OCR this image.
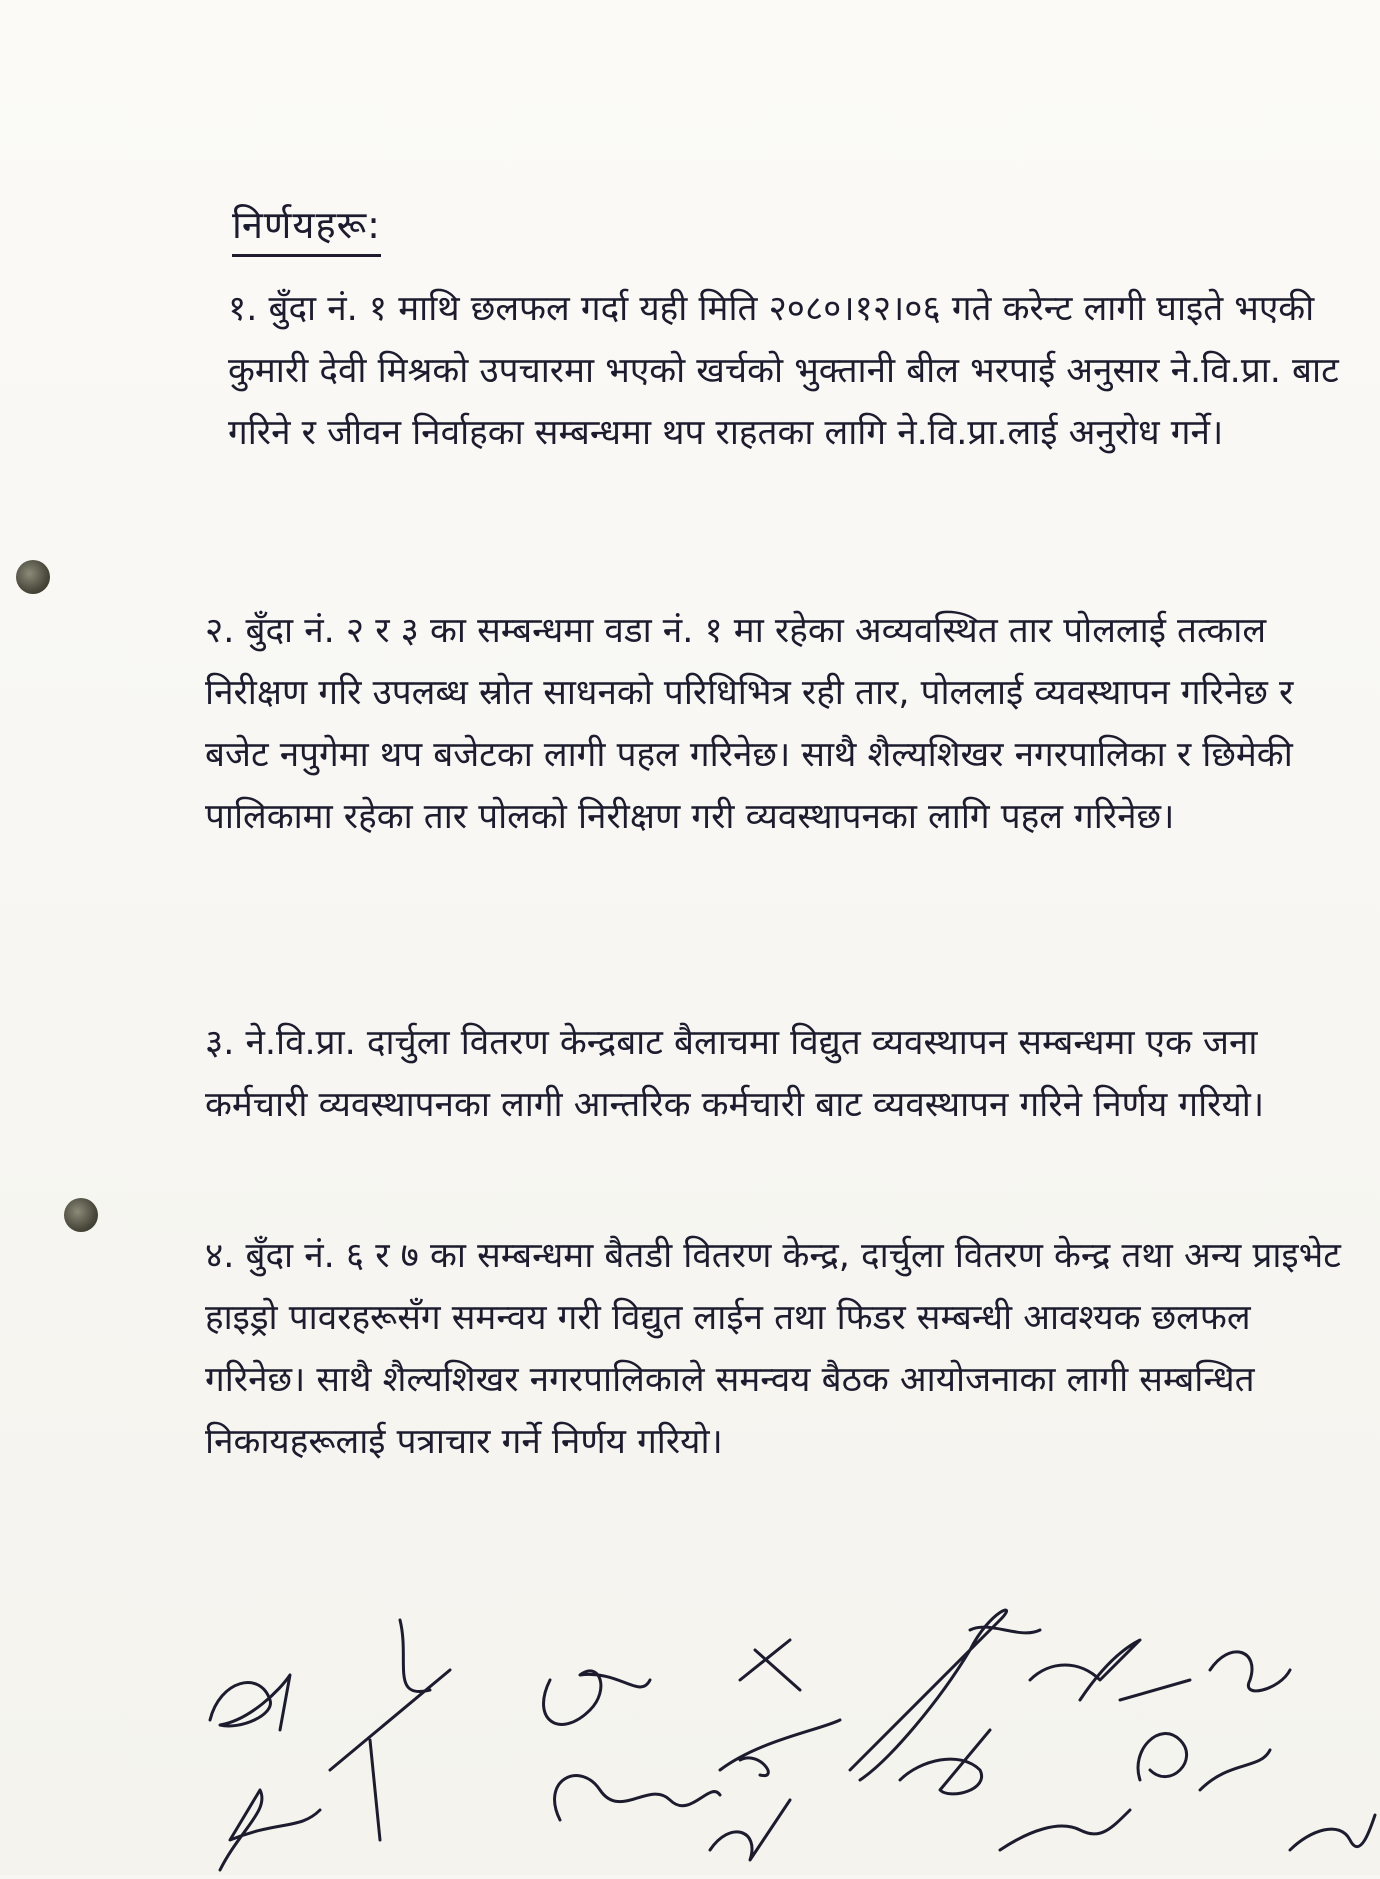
निर्णयहरू:
१. बुँदा नं. १ माथि छलफल गर्दा यही मिति २०८०।१२।०६ गते करेन्ट लागी घाइते भएकी कुमारी देवी मिश्रको उपचारमा भएको खर्चको भुक्तानी बील भरपाई अनुसार ने.वि.प्रा. बाट गरिने र जीवन निर्वाहका सम्बन्धमा थप राहतका लागि ने.वि.प्रा.लाई अनुरोध गर्ने।
२. बुँदा नं. २ र ३ का सम्बन्धमा वडा नं. १ मा रहेका अव्यवस्थित तार पोललाई तत्काल निरीक्षण गरि उपलब्ध स्रोत साधनको परिधिभित्र रही तार, पोललाई व्यवस्थापन गरिनेछ र बजेट नपुगेमा थप बजेटका लागी पहल गरिनेछ। साथै शैल्यशिखर नगरपालिका र छिमेकी पालिकामा रहेका तार पोलको निरीक्षण गरी व्यवस्थापनका लागि पहल गरिनेछ।
३. ने.वि.प्रा. दार्चुला वितरण केन्द्रबाट बैलाचमा विद्युत व्यवस्थापन सम्बन्धमा एक जना कर्मचारी व्यवस्थापनका लागी आन्तरिक कर्मचारी बाट व्यवस्थापन गरिने निर्णय गरियो।
४. बुँदा नं. ६ र ७ का सम्बन्धमा बैतडी वितरण केन्द्र, दार्चुला वितरण केन्द्र तथा अन्य प्राइभेट हाइड्रो पावरहरूसँग समन्वय गरी विद्युत लाईन तथा फिडर सम्बन्धी आवश्यक छलफल गरिनेछ। साथै शैल्यशिखर नगरपालिकाले समन्वय बैठक आयोजनाका लागी सम्बन्धित निकायहरूलाई पत्राचार गर्ने निर्णय गरियो।
